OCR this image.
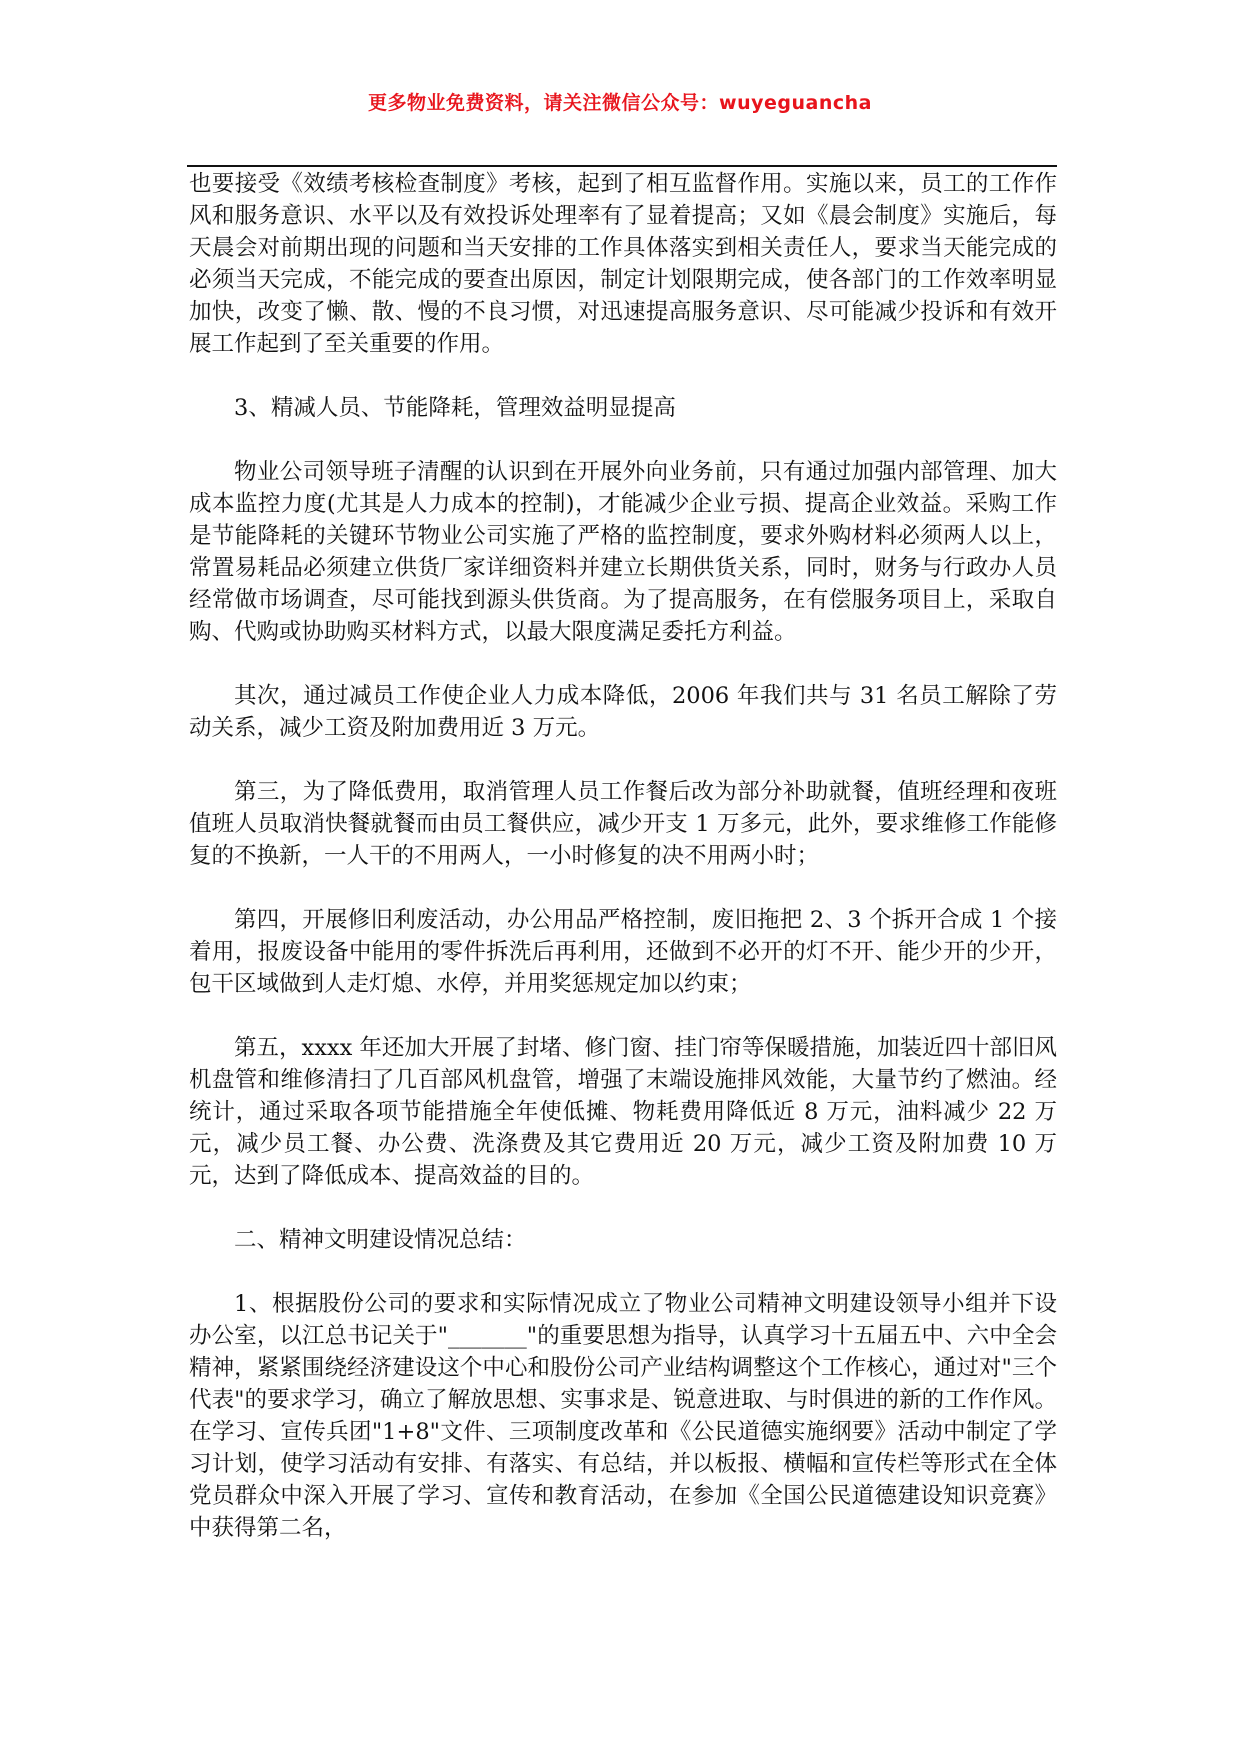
更多物业免费资料，请关注微信公众号：wuyeguancha

也要接受《效绩考核检查制度》考核，起到了相互监督作用。实施以来，员工的工作作风和服务意识、水平以及有效投诉处理率有了显着提高；又如《晨会制度》实施后，每天晨会对前期出现的问题和当天安排的工作具体落实到相关责任人，要求当天能完成的必须当天完成，不能完成的要查出原因，制定计划限期完成，使各部门的工作效率明显加快，改变了懒、散、慢的不良习惯，对迅速提高服务意识、尽可能减少投诉和有效开展工作起到了至关重要的作用。

3、精减人员、节能降耗，管理效益明显提高

物业公司领导班子清醒的认识到在开展外向业务前，只有通过加强内部管理、加大成本监控力度(尤其是人力成本的控制)，才能减少企业亏损、提高企业效益。采购工作是节能降耗的关键环节物业公司实施了严格的监控制度，要求外购材料必须两人以上，常置易耗品必须建立供货厂家详细资料并建立长期供货关系，同时，财务与行政办人员经常做市场调查，尽可能找到源头供货商。为了提高服务，在有偿服务项目上，采取自购、代购或协助购买材料方式，以最大限度满足委托方利益。

其次，通过减员工作使企业人力成本降低，2006 年我们共与 31 名员工解除了劳动关系，减少工资及附加费用近 3 万元。

第三，为了降低费用，取消管理人员工作餐后改为部分补助就餐，值班经理和夜班值班人员取消快餐就餐而由员工餐供应，减少开支 1 万多元，此外，要求维修工作能修复的不换新，一人干的不用两人，一小时修复的决不用两小时；

第四，开展修旧利废活动，办公用品严格控制，废旧拖把 2、3 个拆开合成 1 个接着用，报废设备中能用的零件拆洗后再利用，还做到不必开的灯不开、能少开的少开，包干区域做到人走灯熄、水停，并用奖惩规定加以约束；

第五，xxxx 年还加大开展了封堵、修门窗、挂门帘等保暖措施，加装近四十部旧风机盘管和维修清扫了几百部风机盘管，增强了末端设施排风效能，大量节约了燃油。经统计，通过采取各项节能措施全年使低摊、物耗费用降低近 8 万元，油料减少 22 万元，减少员工餐、办公费、洗涤费及其它费用近 20 万元，减少工资及附加费 10 万元，达到了降低成本、提高效益的目的。

二、精神文明建设情况总结：

1、根据股份公司的要求和实际情况成立了物业公司精神文明建设领导小组并下设办公室，以江总书记关于"_______"的重要思想为指导，认真学习十五届五中、六中全会精神，紧紧围绕经济建设这个中心和股份公司产业结构调整这个工作核心，通过对"三个代表"的要求学习，确立了解放思想、实事求是、锐意进取、与时俱进的新的工作作风。在学习、宣传兵团"1+8"文件、三项制度改革和《公民道德实施纲要》活动中制定了学习计划，使学习活动有安排、有落实、有总结，并以板报、横幅和宣传栏等形式在全体党员群众中深入开展了学习、宣传和教育活动，在参加《全国公民道德建设知识竞赛》中获得第二名，
